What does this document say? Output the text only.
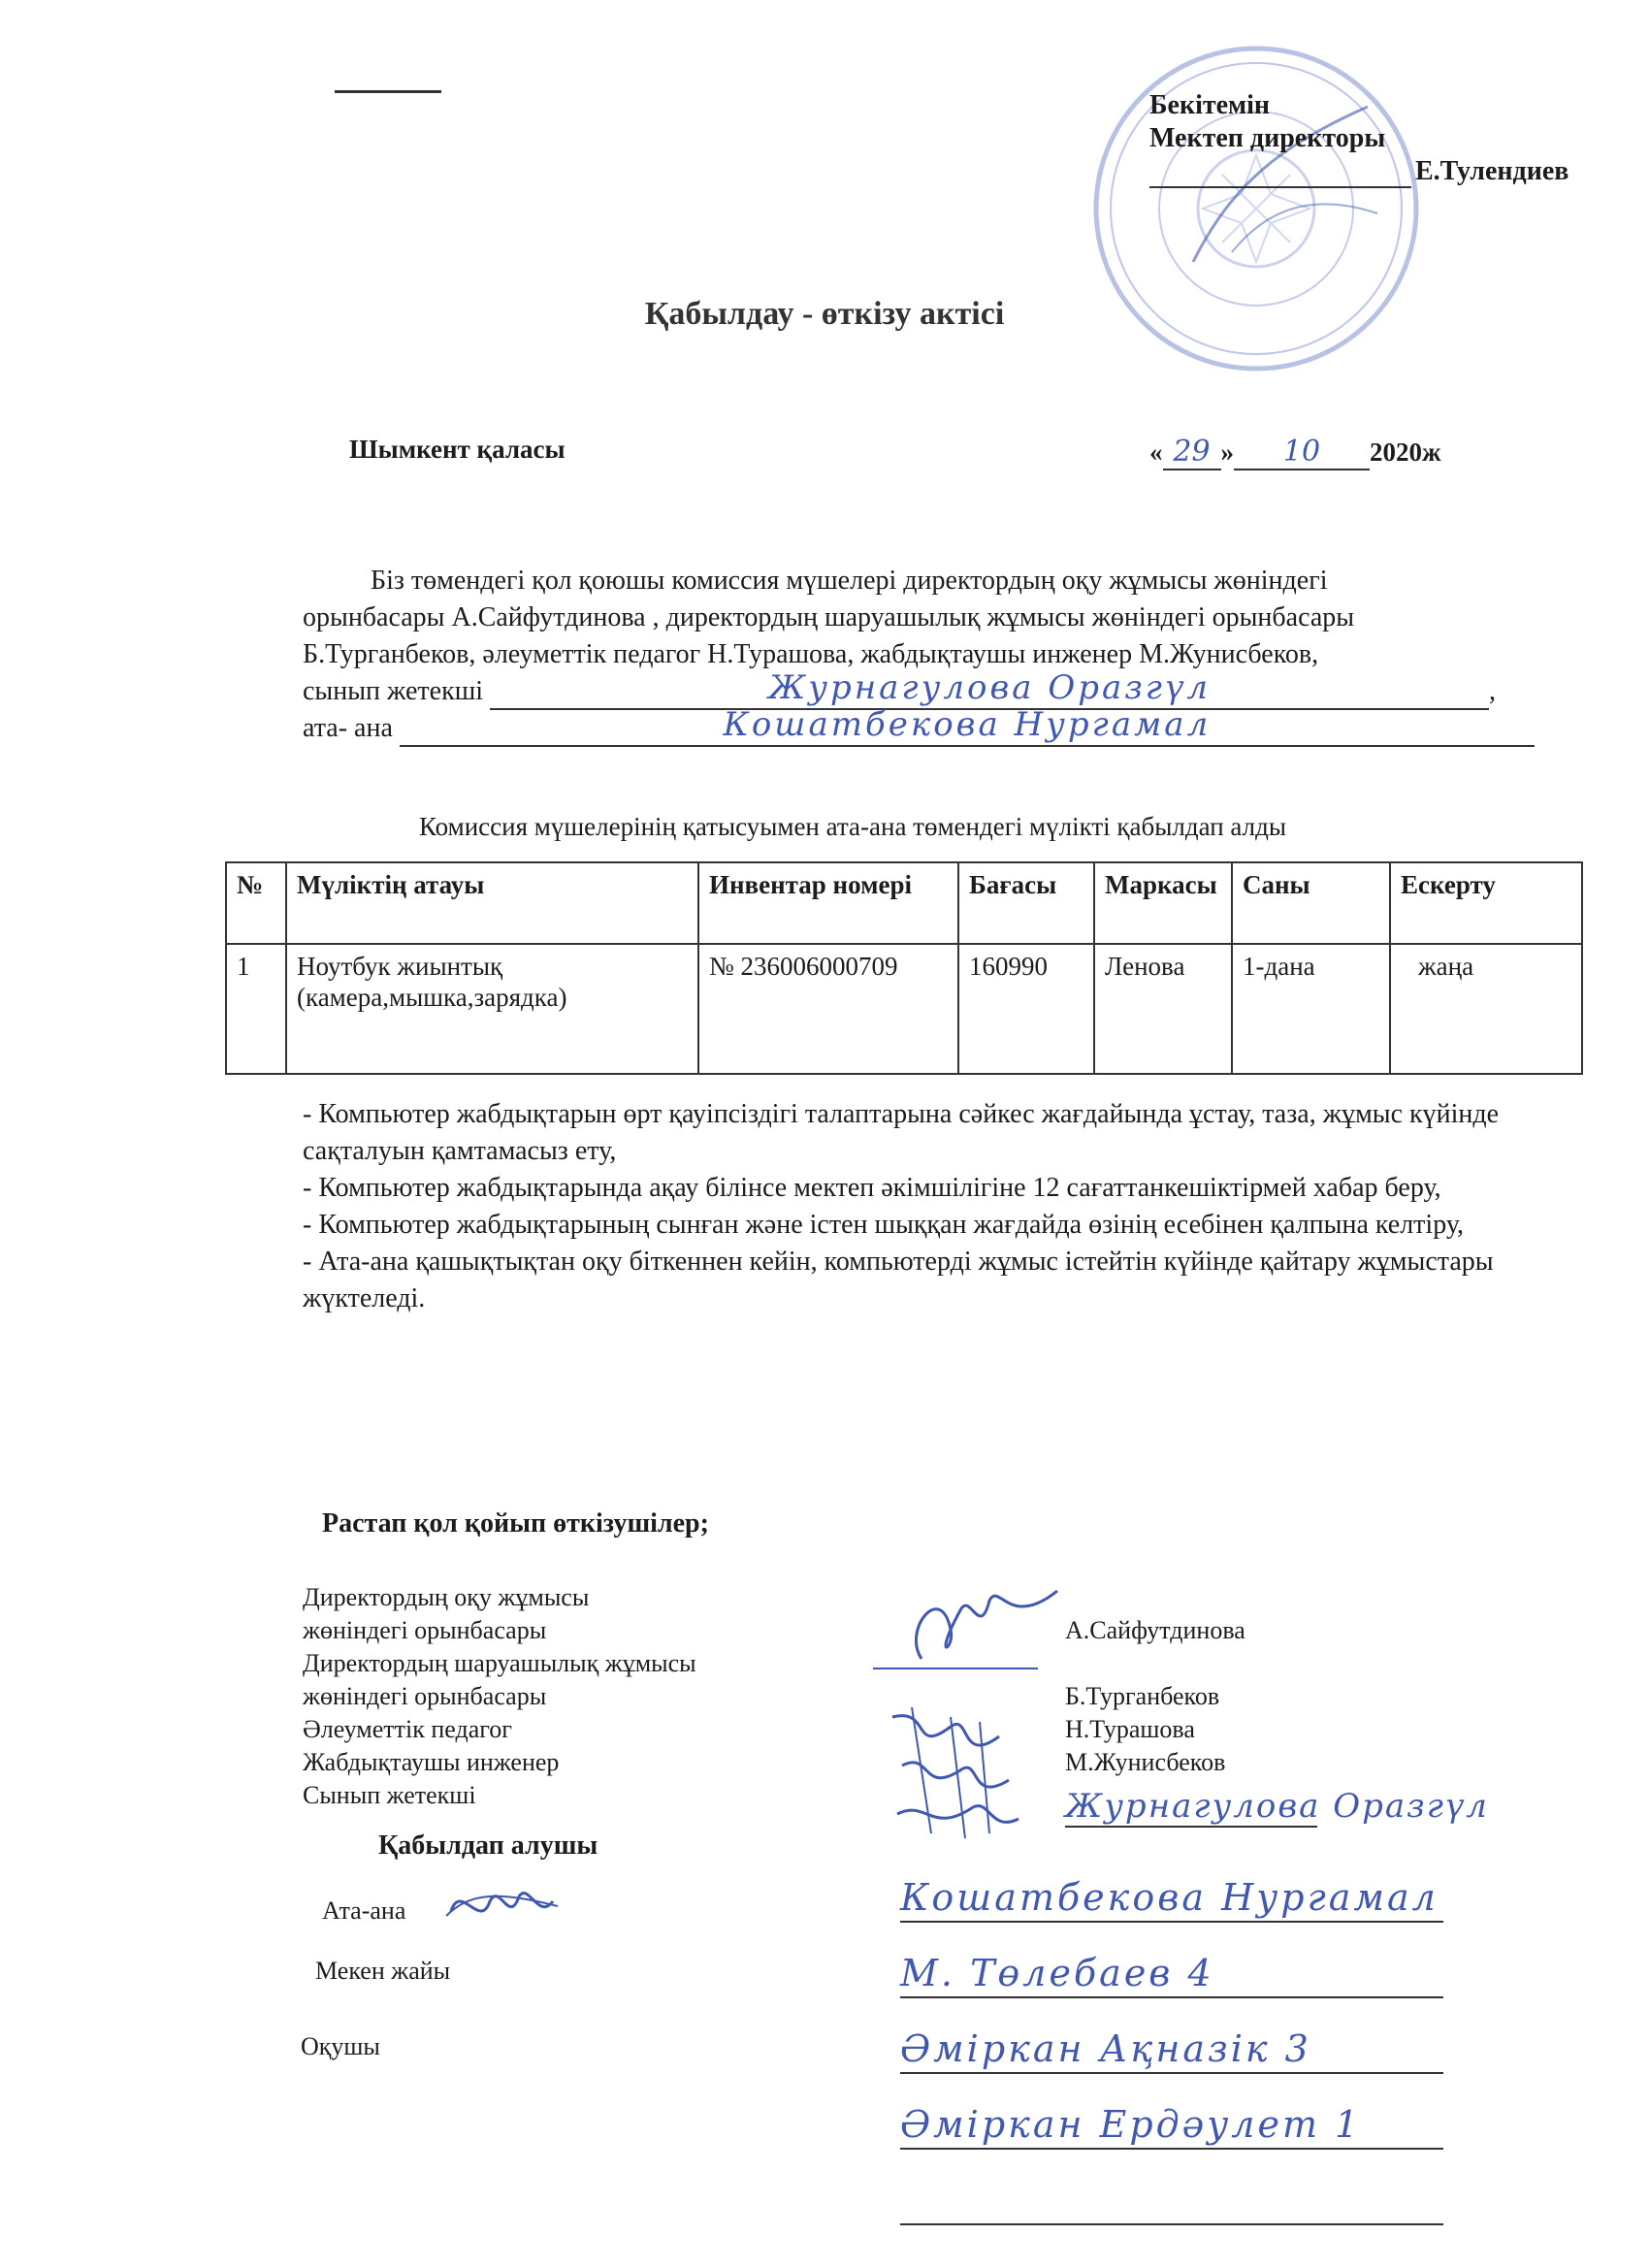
Бекітемін
Мектеп директоры
Е.Тулендиев
Қабылдау - өткізу актісі
Шымкент қаласы	« 29 » 10 2020ж

Біз төмендегі қол қоюшы комиссия мүшелері директордың оқу жұмысы жөніндегі

орынбасары А.Сайфутдинова , директордың шаруашылық жұмысы жөніндегі орынбасары

Б.Турганбеков, әлеуметтік педагог Н.Турашова, жабдықтаушы инженер М.Жунисбеков,

сынып жетекші	Журнагулова Оразгүл	,

ата- ана	Кошатбекова Нургамал

Комиссия мүшелерінің қатысуымен ата-ана төмендегі мүлікті қабылдап алды
№	Мүліктің атауы	Инвентар номері	Бағасы	Маркасы	Саны	Ескерту
1	Ноутбук жиынтық (камера,мышка,зарядка)	№ 236006000709	160990	Ленова	1-дана	жаңа

- Компьютер жабдықтарын өрт қауіпсіздігі талаптарына сәйкес жағдайында ұстау, таза, жұмыс күйінде сақталуын қамтамасыз ету,

- Компьютер жабдықтарында ақау білінсе мектеп әкімшілігіне 12 сағаттанкешіктірмей хабар беру,

- Компьютер жабдықтарының сынған және істен шыққан жағдайда өзінің есебінен қалпына келтіру,

- Ата-ана қашықтықтан оқу біткеннен кейін, компьютерді жұмыс істейтін күйінде қайтару жұмыстары жүктеледі.

Растап қол қойып өткізушілер;
Директордың оқу жұмысы
жөніндегі орынбасары
Директордың шаруашылық жұмысы
жөніндегі орынбасары
Әлеуметтік педагог
Жабдықтаушы инженер
Сынып жетекші
А.Сайфутдинова
Б.Турганбеков
Н.Турашова
М.Жунисбеков
Журнагулова Оразгүл
Қабылдап алушы
Ата-ана
Мекен жайы
Оқушы
Кошатбекова Нургамал
М. Төлебаев 4
Әміркан Ақназік 3
Әміркан Ердәулет 1
